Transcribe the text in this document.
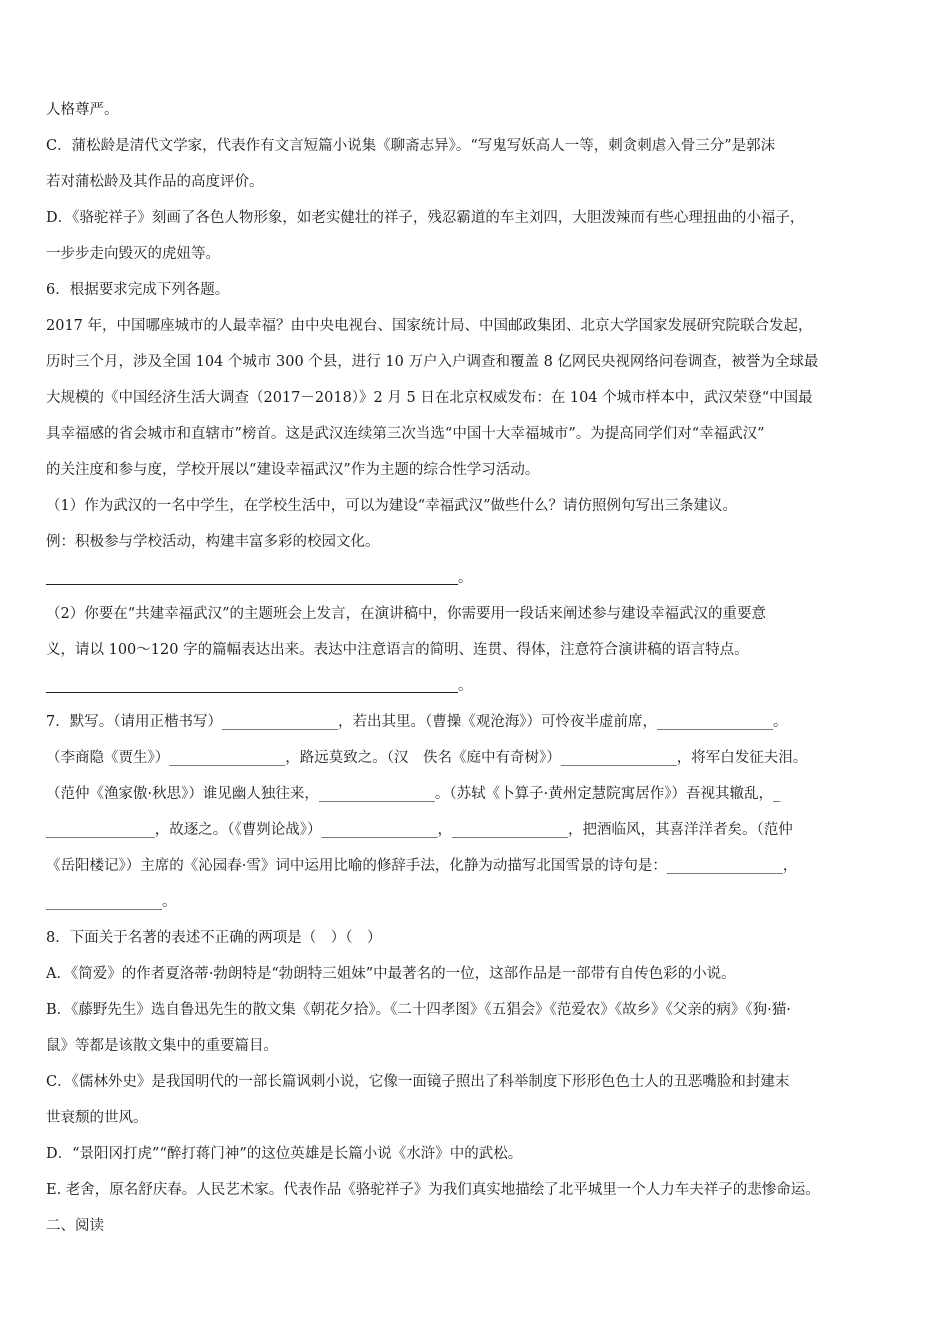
人格尊严。
C．蒲松龄是清代文学家，代表作有文言短篇小说集《聊斋志异》。“写鬼写妖高人一等，刺贪刺虐入骨三分”是郭沫
若对蒲松龄及其作品的高度评价。
D．《骆驼祥子》刻画了各色人物形象，如老实健壮的祥子，残忍霸道的车主刘四，大胆泼辣而有些心理扭曲的小福子，
一步步走向毁灭的虎妞等。
6．根据要求完成下列各题。
2017 年，中国哪座城市的人最幸福？由中央电视台、国家统计局、中国邮政集团、北京大学国家发展研究院联合发起，
历时三个月，涉及全国 104 个城市 300 个县，进行 10 万户入户调查和覆盖 8 亿网民央视网络问卷调查，被誉为全球最
大规模的《中国经济生活大调查（2017－2018）》2 月 5 日在北京权威发布：在 104 个城市样本中，武汉荣登“中国最
具幸福感的省会城市和直辖市”榜首。这是武汉连续第三次当选“中国十大幸福城市”。为提高同学们对“幸福武汉”
的关注度和参与度，学校开展以“建设幸福武汉”作为主题的综合性学习活动。
（1）作为武汉的一名中学生，在学校生活中，可以为建设“幸福武汉”做些什么？请仿照例句写出三条建议。
例：积极参与学校活动，构建丰富多彩的校园文化。
。
（2）你要在“共建幸福武汉”的主题班会上发言，在演讲稿中，你需要用一段话来阐述参与建设幸福武汉的重要意
义，请以 100～120 字的篇幅表达出来。表达中注意语言的简明、连贯、得体，注意符合演讲稿的语言特点。
。
7．默写。（请用正楷书写）________________，若出其里。（曹操《观沧海》）可怜夜半虚前席，________________。
（李商隐《贾生》）________________，路远莫致之。（汉　佚名《庭中有奇树》）________________，将军白发征夫泪。
（范仲《渔家傲·秋思》）谁见幽人独往来，________________。（苏轼《卜算子·黄州定慧院寓居作》）吾视其辙乱，_
_______________，故逐之。（《曹刿论战》）________________，________________，把酒临风，其喜洋洋者矣。（范仲
《岳阳楼记》）主席的《沁园春·雪》词中运用比喻的修辞手法，化静为动描写北国雪景的诗句是：________________，
________________。
8．下面关于名著的表述不正确的两项是（　）（　）
A．《简爱》的作者夏洛蒂·勃朗特是“勃朗特三姐妹”中最著名的一位，这部作品是一部带有自传色彩的小说。
B．《藤野先生》选自鲁迅先生的散文集《朝花夕拾》。《二十四孝图》《五猖会》《范爱农》《故乡》《父亲的病》《狗·猫·
鼠》等都是该散文集中的重要篇目。
C．《儒林外史》是我国明代的一部长篇讽刺小说，它像一面镜子照出了科举制度下形形色色士人的丑恶嘴脸和封建末
世衰颓的世风。
D．“景阳冈打虎”“醉打蒋门神”的这位英雄是长篇小说《水浒》中的武松。
E. 老舍，原名舒庆春。人民艺术家。代表作品《骆驼祥子》为我们真实地描绘了北平城里一个人力车夫祥子的悲惨命运。
二、阅读
